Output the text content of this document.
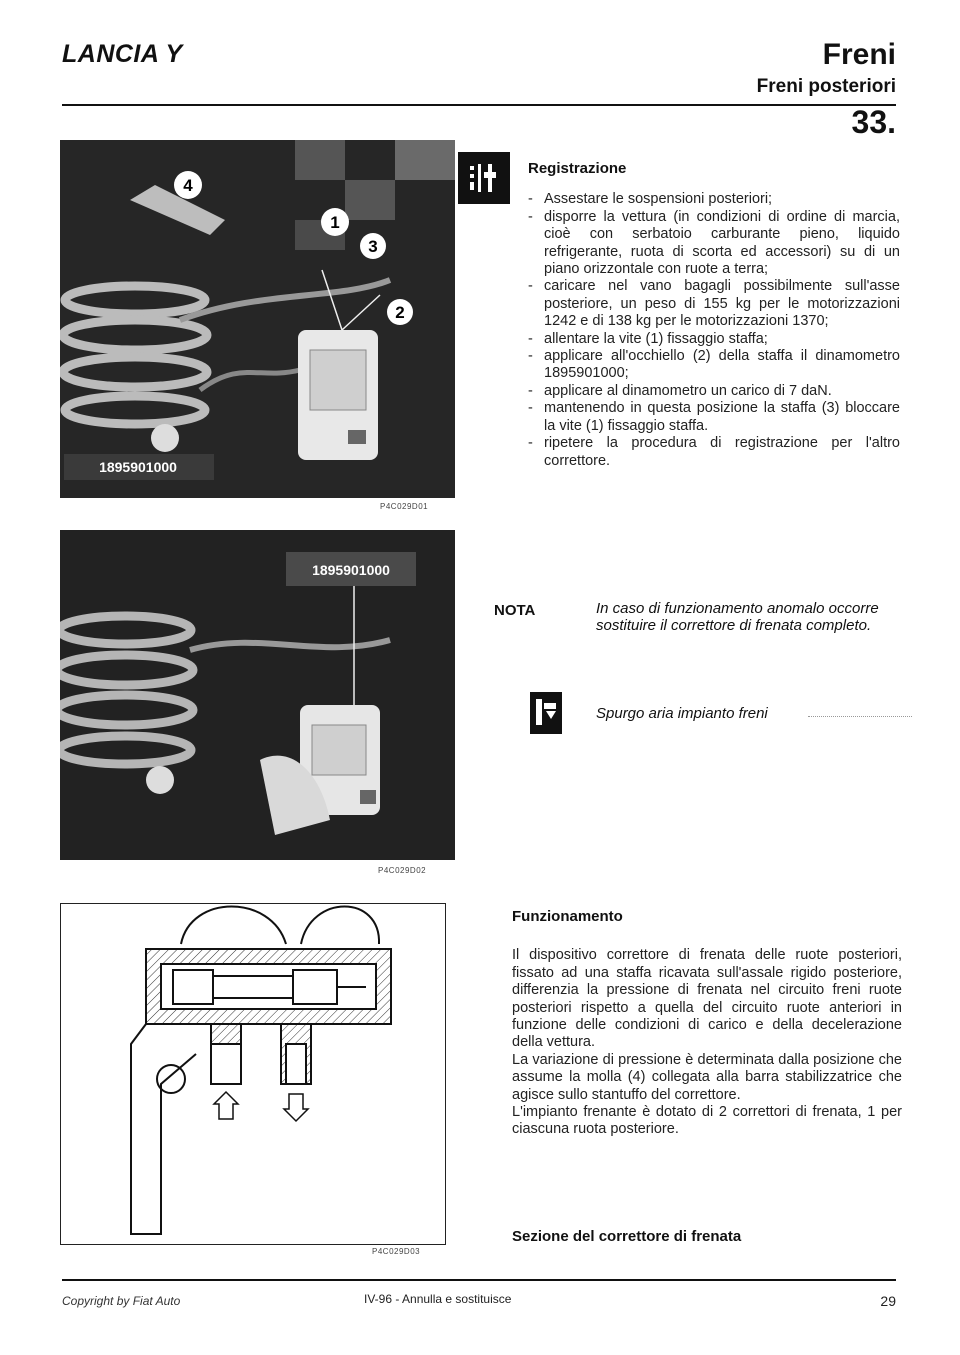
LANCIA Y	Freni
Freni posteriori
33.
4
1
3
2
1895901000
P4C029D01
1895901000
P4C029D02
P4C029D03
Registrazione
- Assestare le sospensioni posteriori;
- disporre la vettura (in condizioni di ordine di marcia, cioè con serbatoio carburante pieno, liquido refrigerante, ruota di scorta ed accessori) su di un piano orizzontale con ruote a terra;
- caricare nel vano bagagli possibilmente sull'asse posteriore, un peso di 155 kg per le motorizzazioni 1242 e di 138 kg per le motorizzazioni 1370;
- allentare la vite (1) fissaggio staffa;
- applicare all'occhiello (2) della staffa il dinamometro 1895901000;
- applicare al dinamometro un carico di 7 daN.
- mantenendo in questa posizione la staffa (3) bloccare la vite (1) fissaggio staffa.
- ripetere la procedura di registrazione per l'altro correttore.
NOTA	In caso di funzionamento anomalo occorre sostituire il correttore di frenata completo.
Spurgo aria impianto freni
Funzionamento
Il dispositivo correttore di frenata delle ruote posteriori, fissato ad una staffa ricavata sull'assale rigido posteriore, differenzia la pressione di frenata nel circuito freni ruote posteriori rispetto a quella del circuito ruote anteriori in funzione delle condizioni di carico e della decelerazione della vettura.
La variazione di pressione è determinata dalla posizione che assume la molla (4) collegata alla barra stabilizzatrice che agisce sullo stantuffo del correttore.
L'impianto frenante è dotato di 2 correttori di frenata, 1 per ciascuna ruota posteriore.
Sezione del correttore di frenata
Copyright by Fiat Auto	IV-96 - Annulla e sostituisce	29
